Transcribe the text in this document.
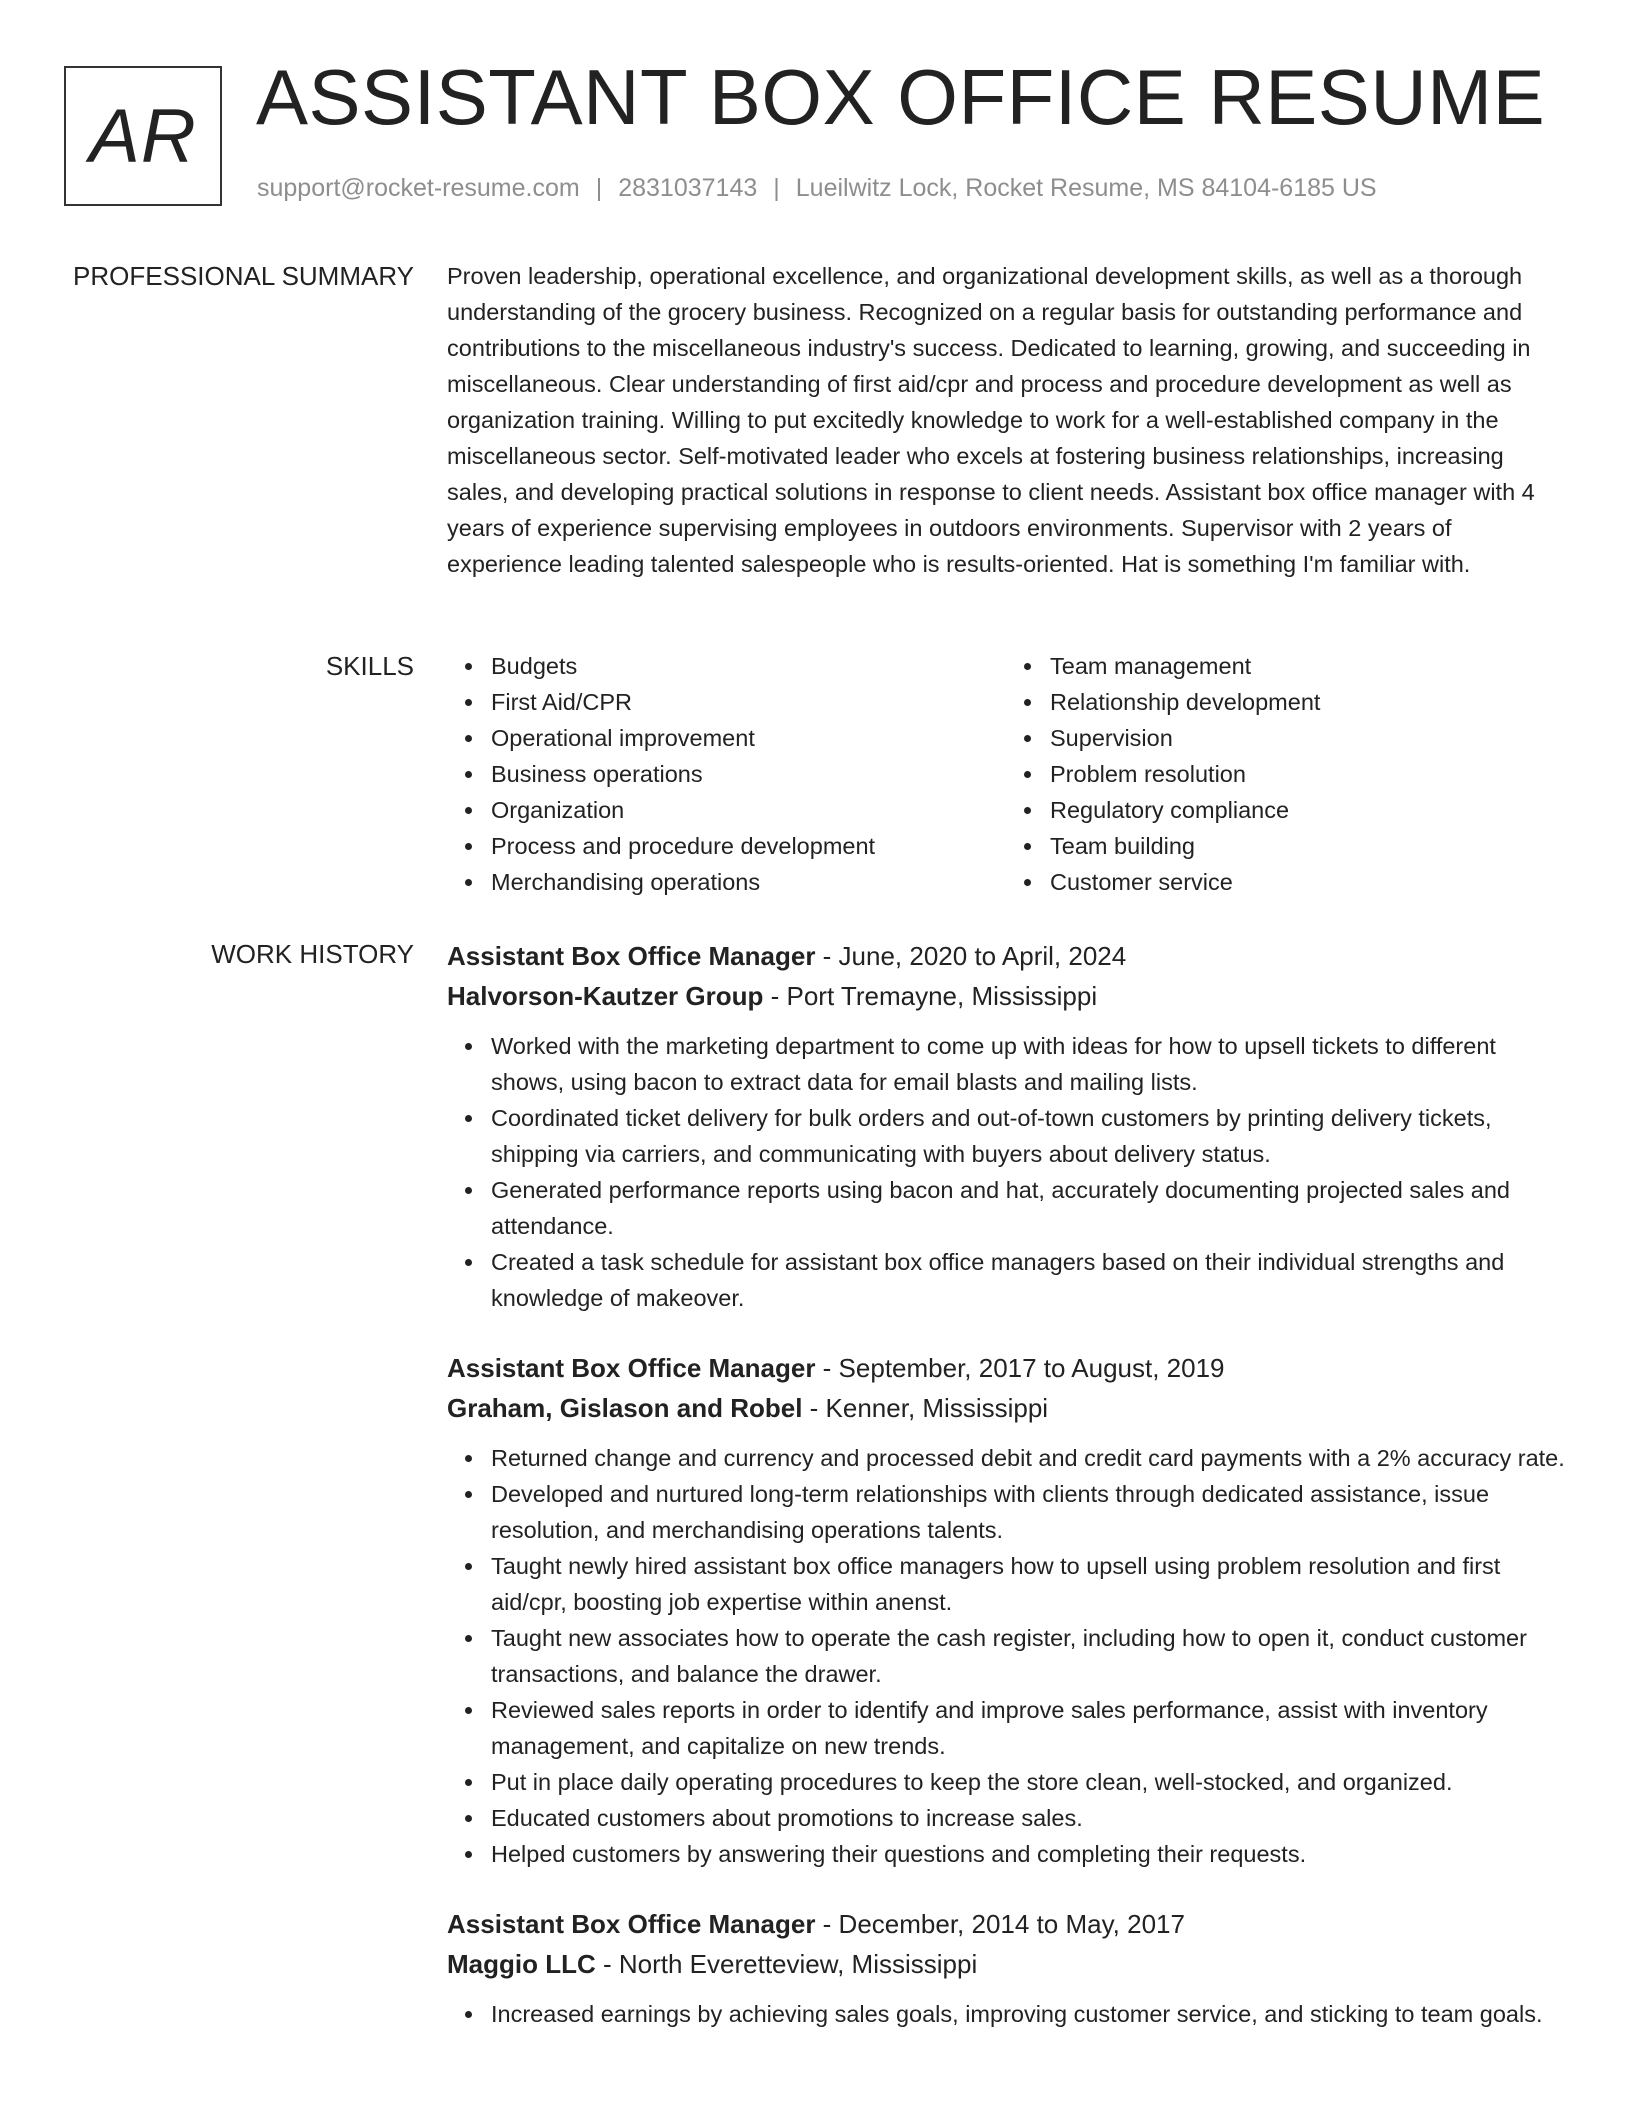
AR ASSISTANT BOX OFFICE RESUME
support@rocket-resume.com | 2831037143 | Lueilwitz Lock, Rocket Resume, MS 84104-6185 US
PROFESSIONAL SUMMARY Proven leadership, operational excellence, and organizational development skills, as well as a thorough understanding of the grocery business. Recognized on a regular basis for outstanding performance and contributions to the miscellaneous industry's success. Dedicated to learning, growing, and succeeding in miscellaneous. Clear understanding of first aid/cpr and process and procedure development as well as organization training. Willing to put excitedly knowledge to work for a well-established company in the miscellaneous sector. Self-motivated leader who excels at fostering business relationships, increasing sales, and developing practical solutions in response to client needs. Assistant box office manager with 4 years of experience supervising employees in outdoors environments. Supervisor with 2 years of experience leading talented salespeople who is results-oriented. Hat is something I'm familiar with.

SKILLS	Budgets
First Aid/CPR
Operational improvement
Business operations
Organization
Process and procedure development
Merchandising operations
Team management
Relationship development
Supervision
Problem resolution
Regulatory compliance
Team building
Customer service
WORK HISTORY Assistant Box Office Manager - June, 2020 to April, 2024
Halvorson-Kautzer Group - Port Tremayne, Mississippi
Worked with the marketing department to come up with ideas for how to upsell tickets to different shows, using bacon to extract data for email blasts and mailing lists.
Coordinated ticket delivery for bulk orders and out-of-town customers by printing delivery tickets, shipping via carriers, and communicating with buyers about delivery status.
Generated performance reports using bacon and hat, accurately documenting projected sales and attendance.
Created a task schedule for assistant box office managers based on their individual strengths and knowledge of makeover.
Assistant Box Office Manager - September, 2017 to August, 2019
Graham, Gislason and Robel - Kenner, Mississippi
Returned change and currency and processed debit and credit card payments with a 2% accuracy rate.
Developed and nurtured long-term relationships with clients through dedicated assistance, issue resolution, and merchandising operations talents.
Taught newly hired assistant box office managers how to upsell using problem resolution and first aid/cpr, boosting job expertise within anenst.
Taught new associates how to operate the cash register, including how to open it, conduct customer transactions, and balance the drawer.
Reviewed sales reports in order to identify and improve sales performance, assist with inventory management, and capitalize on new trends.
Put in place daily operating procedures to keep the store clean, well-stocked, and organized.
Educated customers about promotions to increase sales.
Helped customers by answering their questions and completing their requests.
Assistant Box Office Manager - December, 2014 to May, 2017
Maggio LLC - North Everetteview, Mississippi
Increased earnings by achieving sales goals, improving customer service, and sticking to team goals.
